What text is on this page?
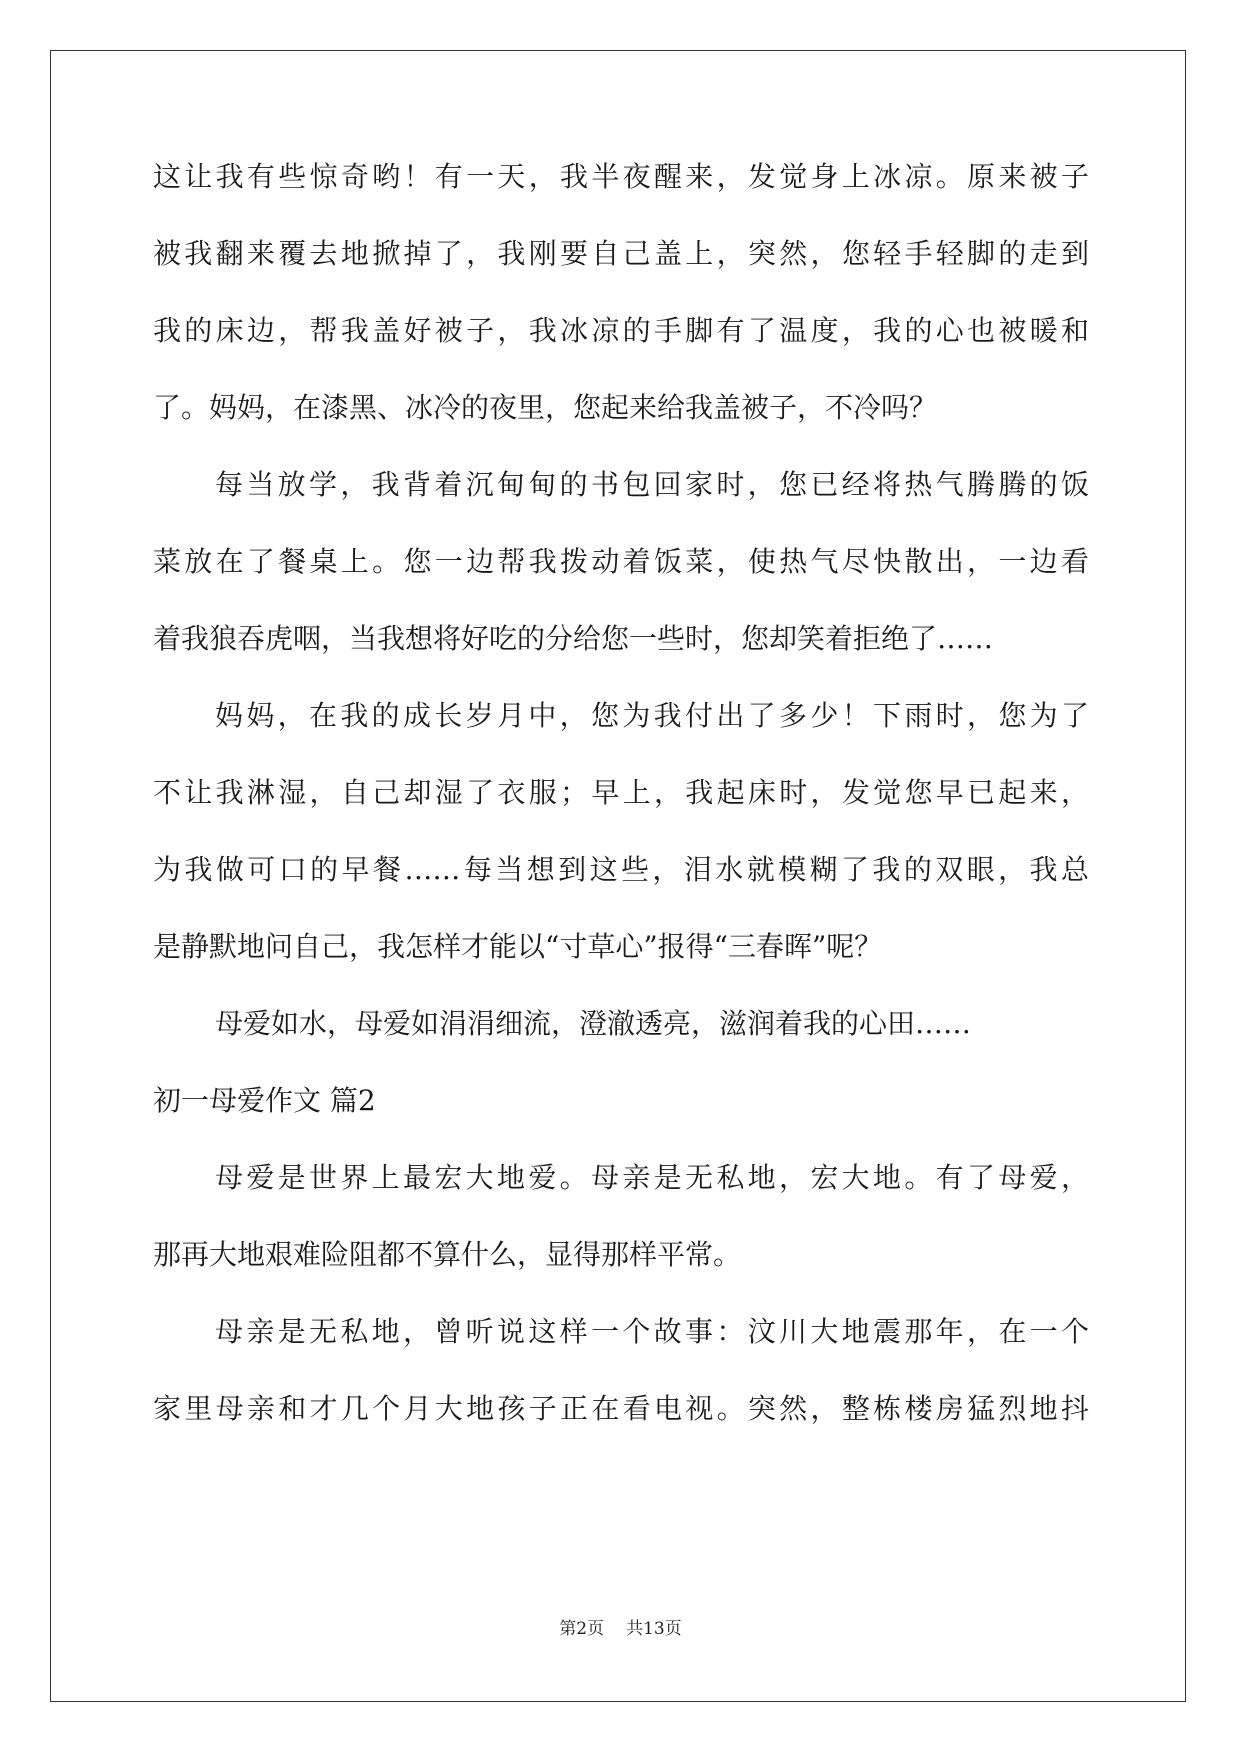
这让我有些惊奇哟！有一天，我半夜醒来，发觉身上冰凉。原来被子
被我翻来覆去地掀掉了，我刚要自己盖上，突然，您轻手轻脚的走到
我的床边，帮我盖好被子，我冰凉的手脚有了温度，我的心也被暖和
了。妈妈，在漆黑、冰冷的夜里，您起来给我盖被子，不冷吗？
每当放学，我背着沉甸甸的书包回家时，您已经将热气腾腾的饭
菜放在了餐桌上。您一边帮我拨动着饭菜，使热气尽快散出，一边看
着我狼吞虎咽，当我想将好吃的分给您一些时，您却笑着拒绝了……
妈妈，在我的成长岁月中，您为我付出了多少！下雨时，您为了
不让我淋湿，自己却湿了衣服；早上，我起床时，发觉您早已起来，
为我做可口的早餐……每当想到这些，泪水就模糊了我的双眼，我总
是静默地问自己，我怎样才能以“寸草心”报得“三春晖”呢？
母爱如水，母爱如涓涓细流，澄澈透亮，滋润着我的心田……
初一母爱作文 篇2
母爱是世界上最宏大地爱。母亲是无私地，宏大地。有了母爱，
那再大地艰难险阻都不算什么，显得那样平常。
母亲是无私地，曾听说这样一个故事：汶川大地震那年，在一个
家里母亲和才几个月大地孩子正在看电视。突然，整栋楼房猛烈地抖
第2页 共13页
